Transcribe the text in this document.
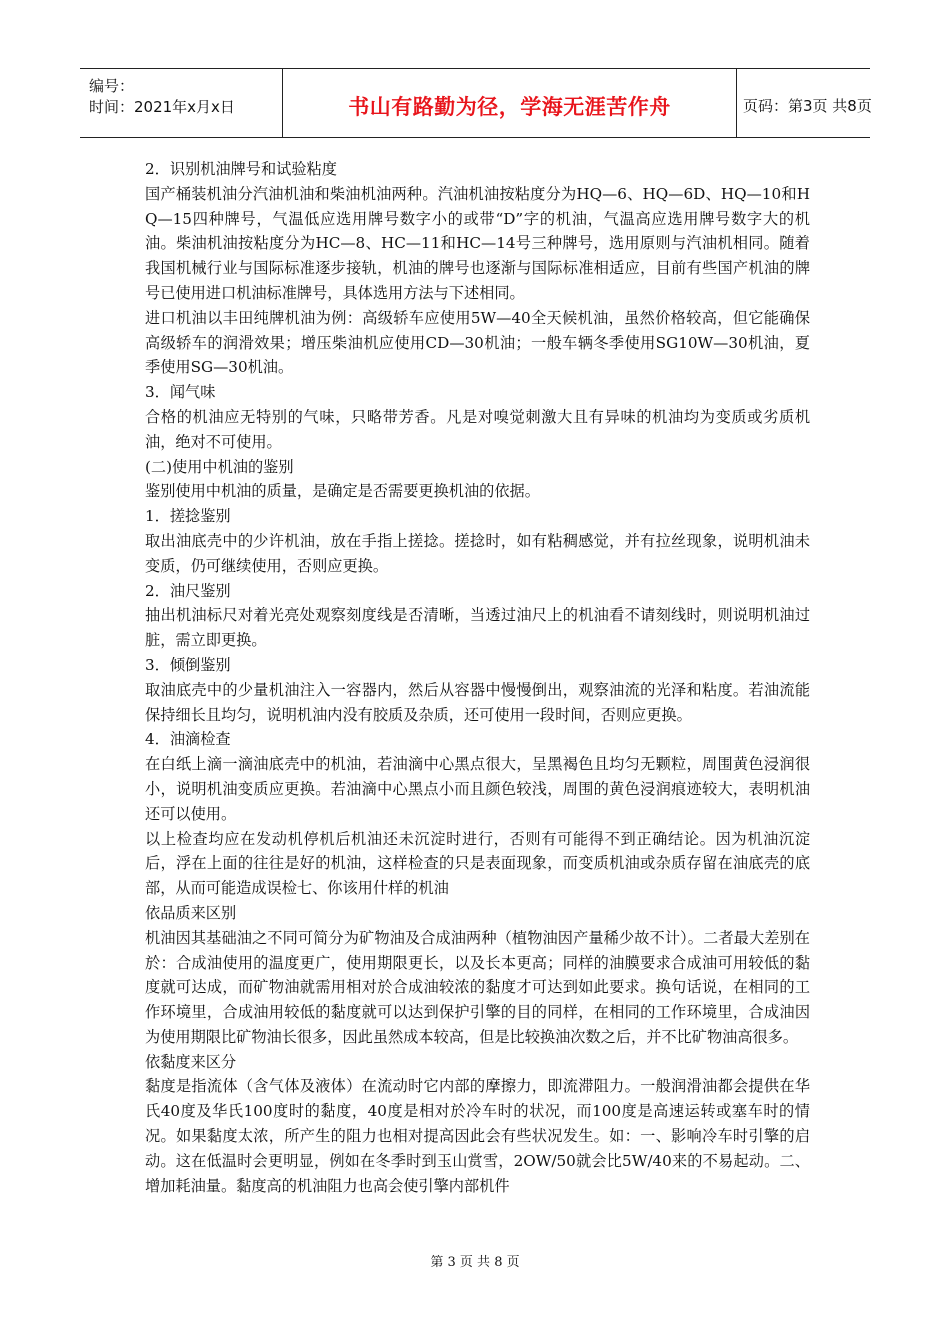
编号：
时间：2021年x月x日	书山有路勤为径，学海无涯苦作舟	页码：第3页 共8页

2．识别机油牌号和试验粘度

国产桶装机油分汽油机油和柴油机油两种。汽油机油按粘度分为HQ—6、HQ—6D、HQ—10和HQ—15四种牌号，气温低应选用牌号数字小的或带“D”字的机油，气温高应选用牌号数字大的机油。柴油机油按粘度分为HC—8、HC—11和HC—14号三种牌号，选用原则与汽油机相同。随着我国机械行业与国际标准逐步接轨，机油的牌号也逐渐与国际标准相适应，目前有些国产机油的牌号已使用进口机油标准牌号，具体选用方法与下述相同。

进口机油以丰田纯牌机油为例：高级轿车应使用5W—40全天候机油，虽然价格较高，但它能确保高级轿车的润滑效果；增压柴油机应使用CD—30机油；一般车辆冬季使用SG10W—30机油，夏季使用SG—30机油。

3．闻气味

合格的机油应无特别的气味，只略带芳香。凡是对嗅觉刺激大且有异味的机油均为变质或劣质机油，绝对不可使用。

(二)使用中机油的鉴别

鉴别使用中机油的质量，是确定是否需要更换机油的依据。

1．搓捻鉴别

取出油底壳中的少许机油，放在手指上搓捻。搓捻时，如有粘稠感觉，并有拉丝现象，说明机油未变质，仍可继续使用，否则应更换。

2．油尺鉴别

抽出机油标尺对着光亮处观察刻度线是否清晰，当透过油尺上的机油看不请刻线时，则说明机油过脏，需立即更换。

3．倾倒鉴别

取油底壳中的少量机油注入一容器内，然后从容器中慢慢倒出，观察油流的光泽和粘度。若油流能保持细长且均匀，说明机油内没有胶质及杂质，还可使用一段时间，否则应更换。

4．油滴检查

在白纸上滴一滴油底壳中的机油，若油滴中心黑点很大，呈黑褐色且均匀无颗粒，周围黄色浸润很小，说明机油变质应更换。若油滴中心黑点小而且颜色较浅，周围的黄色浸润痕迹较大，表明机油还可以使用。

以上检查均应在发动机停机后机油还未沉淀时进行，否则有可能得不到正确结论。因为机油沉淀后，浮在上面的往往是好的机油，这样检查的只是表面现象，而变质机油或杂质存留在油底壳的底部，从而可能造成误检七、你该用什样的机油

依品质来区别

机油因其基础油之不同可简分为矿物油及合成油两种（植物油因产量稀少故不计）。二者最大差别在於：合成油使用的温度更广，使用期限更长，以及长本更高；同样的油膜要求合成油可用较低的黏度就可达成，而矿物油就需用相对於合成油较浓的黏度才可达到如此要求。换句话说，在相同的工作环境里，合成油用较低的黏度就可以达到保护引擎的目的同样，在相同的工作环境里，合成油因为使用期限比矿物油长很多，因此虽然成本较高，但是比较换油次数之后，并不比矿物油高很多。

依黏度来区分

黏度是指流体（含气体及液体）在流动时它内部的摩擦力，即流滞阻力。一般润滑油都会提供在华氏40度及华氏100度时的黏度，40度是相对於冷车时的状况，而100度是高速运转或塞车时的情况。如果黏度太浓，所产生的阻力也相对提高因此会有些状况发生。如：一、影响冷车时引擎的启动。这在低温时会更明显，例如在冬季时到玉山赏雪，2OW/50就会比5W/40来的不易起动。二、增加耗油量。黏度高的机油阻力也高会使引擎内部机件

第 3 页 共 8 页
